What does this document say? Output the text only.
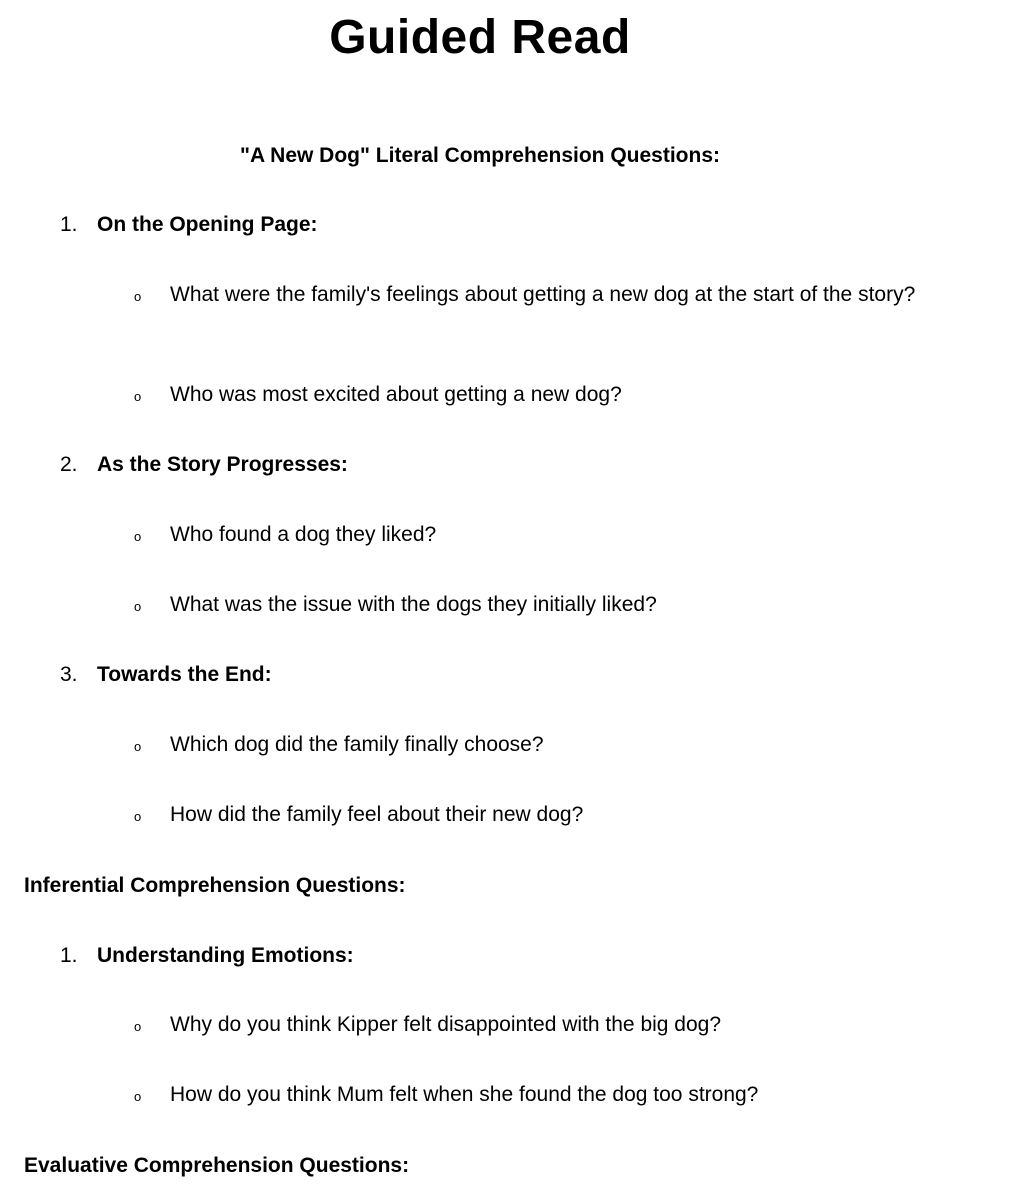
Guided Read
"A New Dog" Literal Comprehension Questions:
1. On the Opening Page:
o What were the family's feelings about getting a new dog at the start of the story?
o Who was most excited about getting a new dog?
2. As the Story Progresses:
o Who found a dog they liked?
o What was the issue with the dogs they initially liked?
3. Towards the End:
o Which dog did the family finally choose?
o How did the family feel about their new dog?
Inferential Comprehension Questions:
1. Understanding Emotions:
o Why do you think Kipper felt disappointed with the big dog?
o How do you think Mum felt when she found the dog too strong?
Evaluative Comprehension Questions:
